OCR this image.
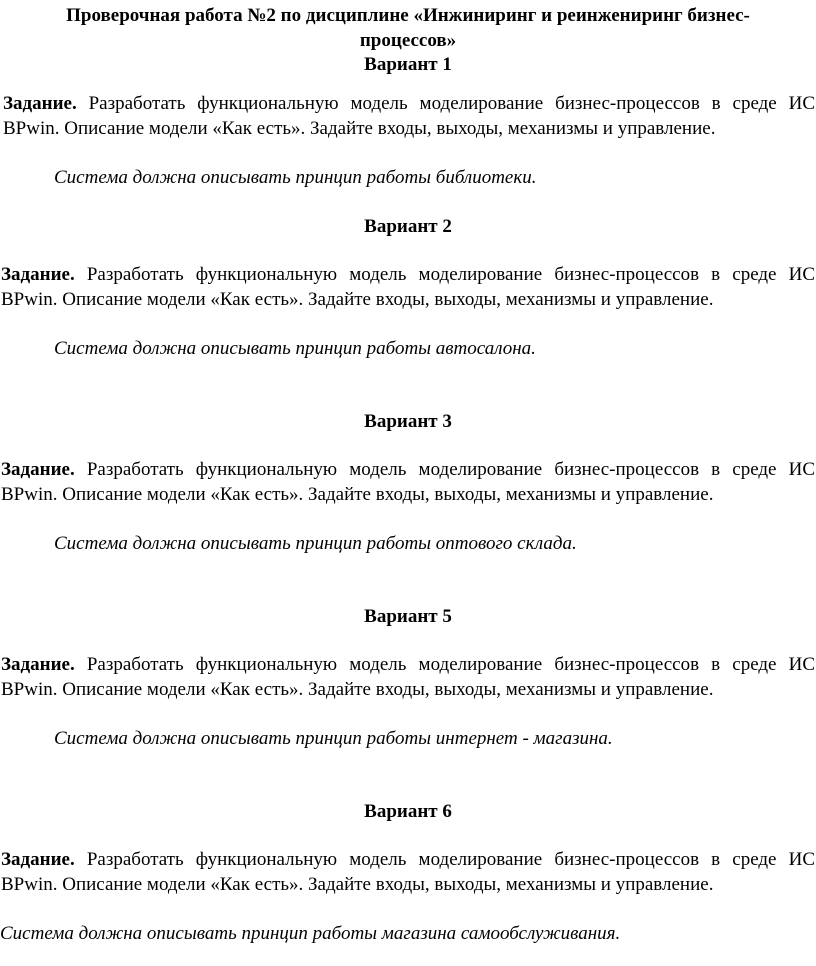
Проверочная работа №2 по дисциплине «Инжиниринг и реинжениринг бизнес-
процессов»
Вариант 1
Задание. Разработать функциональную модель моделирование бизнес-процессов в среде ИС BPwin. Описание модели «Как есть». Задайте входы, выходы, механизмы и управление.
Система должна описывать принцип работы библиотеки.
Вариант 2
Задание. Разработать функциональную модель моделирование бизнес-процессов в среде ИС BPwin. Описание модели «Как есть». Задайте входы, выходы, механизмы и управление.
Система должна описывать принцип работы автосалона.
Вариант 3
Задание. Разработать функциональную модель моделирование бизнес-процессов в среде ИС BPwin. Описание модели «Как есть». Задайте входы, выходы, механизмы и управление.
Система должна описывать принцип работы оптового склада.
Вариант 5
Задание. Разработать функциональную модель моделирование бизнес-процессов в среде ИС BPwin. Описание модели «Как есть». Задайте входы, выходы, механизмы и управление.
Система должна описывать принцип работы интернет - магазина.
Вариант 6
Задание. Разработать функциональную модель моделирование бизнес-процессов в среде ИС BPwin. Описание модели «Как есть». Задайте входы, выходы, механизмы и управление.
Система должна описывать принцип работы магазина самообслуживания.
